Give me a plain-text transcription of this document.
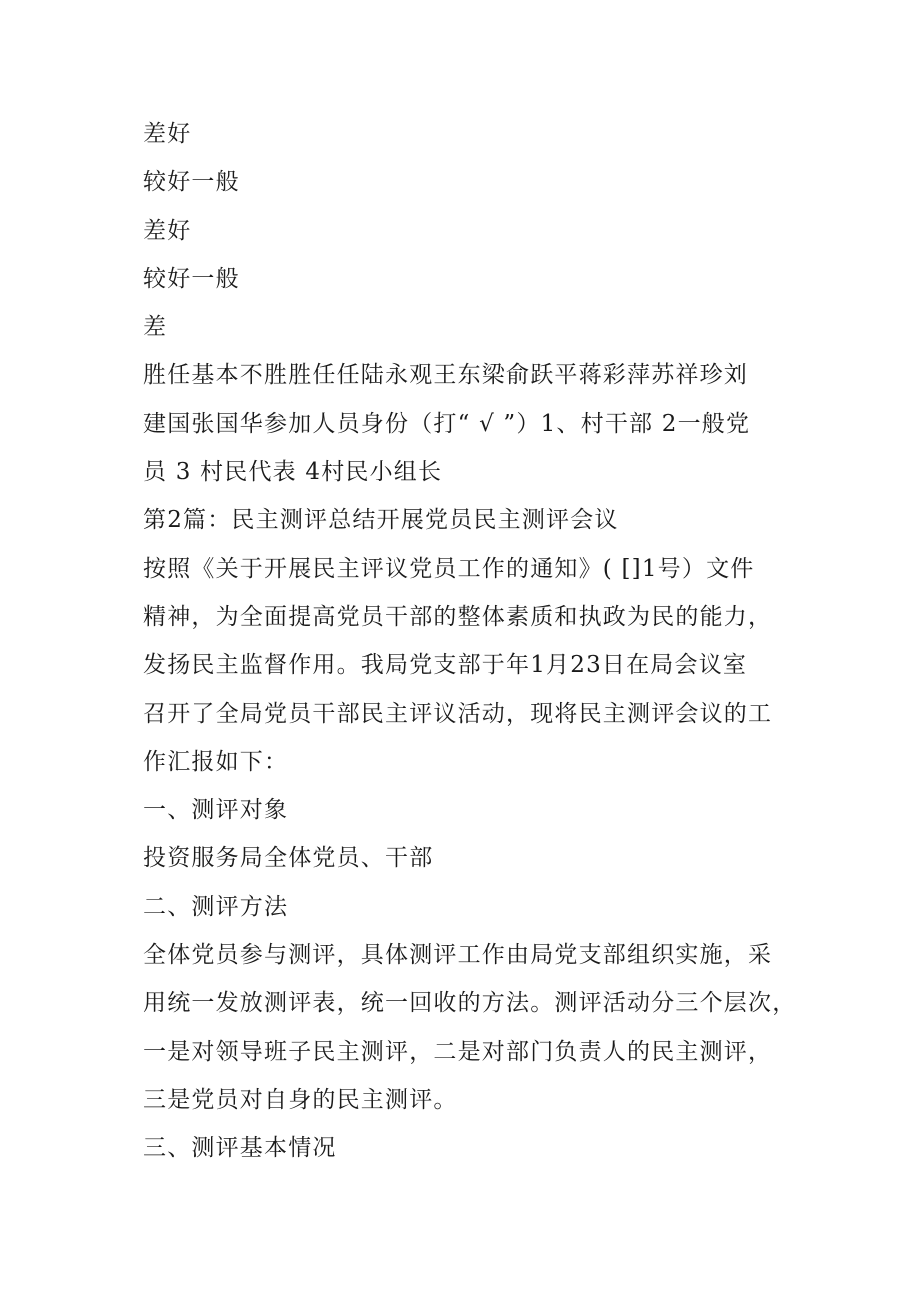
差好

较好一般

差好

较好一般

差

胜任基本不胜胜任任陆永观王东梁俞跃平蒋彩萍苏祥珍刘

建国张国华参加人员身份（打“ √ ”）1、村干部 2一般党

员 3 村民代表 4村民小组长

第2篇：民主测评总结开展党员民主测评会议

按照《关于开展民主评议党员工作的通知》( []1号）文件

精神，为全面提高党员干部的整体素质和执政为民的能力，

发扬民主监督作用。我局党支部于年1月23日在局会议室

召开了全局党员干部民主评议活动，现将民主测评会议的工

作汇报如下：

一、测评对象

投资服务局全体党员、干部

二、测评方法

全体党员参与测评，具体测评工作由局党支部组织实施，采

用统一发放测评表，统一回收的方法。测评活动分三个层次，

一是对领导班子民主测评，二是对部门负责人的民主测评，

三是党员对自身的民主测评。

三、测评基本情况
